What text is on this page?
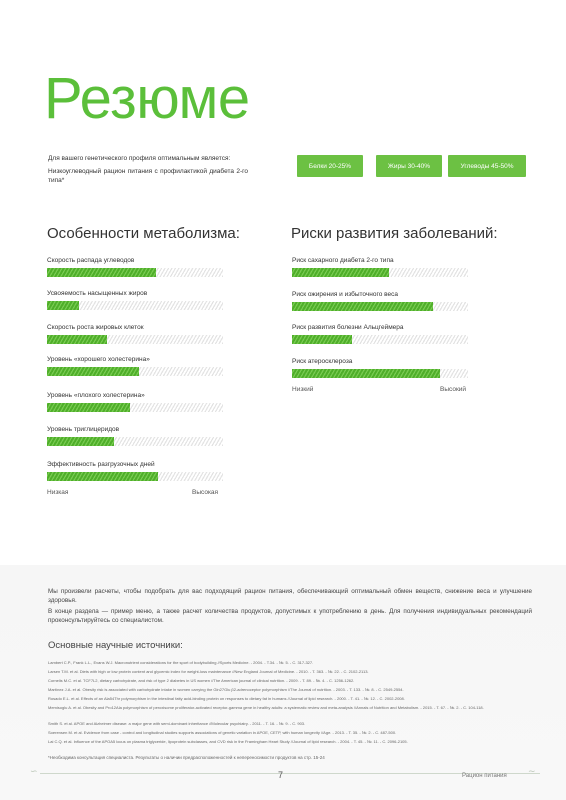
Резюме
Для вашего генетического профиля оптимальным является:
Низкоуглеводный рацион питания с профилактикой диабета 2-го типа*
Белки 20-25%	Жиры 30-40%	Углеводы 45-50%
Особенности метаболизма:	Риски развития заболеваний:
Скорость распада углеводов
Усвояемость насыщенных жиров
Скорость роста жировых клеток
Уровень «хорошего холестерина»
Уровень «плохого холестерина»
Уровень триглицеридов
Эффективность разгрузочных дней
Низкая	Высокая
Риск сахарного диабета 2-го типа
Риск ожирения и избыточного веса
Риск развития болезни Альцгеймера
Риск атеросклероза
Низкий	Высокий
Мы произвели расчеты, чтобы подобрать для вас подходящий рацион питания, обеспечивающий оптимальный обмен веществ, снижение веса и улучшение здоровья.
В конце раздела — пример меню, а также расчет количества продуктов, допустимых к употреблению в день. Для получения индивидуальных рекомендаций проконсультируйтесь со специалистом.
Основные научные источники:
Lambert C.P., Frank L.L., Evans W.J. Macronutrient considerations for the sport of bodybuilding //Sports Medicine. - 2004. - Т.34. - №. 5. - С. 317-327.
Larsen T.M. et al. Diets with high or low protein content and glycemic index for weight-loss maintenance //New England Journal of Medicine. - 2010. - Т. 363. - №. 22. - С. 2102-2113.
Cornelis M.C. et al. TCF7L2, dietary carbohydrate, and risk of type 2 diabetes in US women //The American journal of clinical nutrition. - 2009. - Т. 89. - №. 4. - С. 1256-1262.
Martínez J.A. et al. Obesity risk is associated with carbohydrate intake in women carrying the Gln27Glu β2-adrenoceptor polymorphism //The Journal of nutrition. - 2003. - Т. 133. - №. 8. - С. 2549-2554.
Rosado E.L. et al. Effects of an Ala54Thr polymorphism in the intestinal fatty acid-binding protein on responses to dietary fat in humans //Journal of lipid research. - 2000. - Т. 41. - №. 12. - С. 2002-2008.
Memisoglu A. et al. Obesity and Pro12Ala polymorphism of peroxisome proliferator-activated receptor-gamma gene in healthy adults: a systematic review and meta-analysis //Annals of Nutrition and Metabolism. - 2015. - Т. 67. - №. 2. - С. 104-118.
Smith S. et al. APOE and Alzheimer disease: a major gene with semi-dominant inheritance //Molecular psychiatry. - 2011. - Т. 16. - №. 9. - С. 903.
Soerensen M. et al. Evidence from case - control and longitudinal studies supports associations of genetic variation in APOE, CETP, with human longevity //Age. - 2013. - Т. 35. - №. 2. - С. 487-500.
Lai C.Q. et al. Influence of the APOA5 locus on plasma triglyceride, lipoprotein subclasses, and CVD risk in the Framingham Heart Study //Journal of lipid research. - 2004. - Т. 45. - №. 11. - С. 2096-2105.
*Необходима консультация специалиста. Результаты о наличии предрасположенностей к непереносимости продуктов на стр. 15-24
∽	∼
7	Рацион питания
